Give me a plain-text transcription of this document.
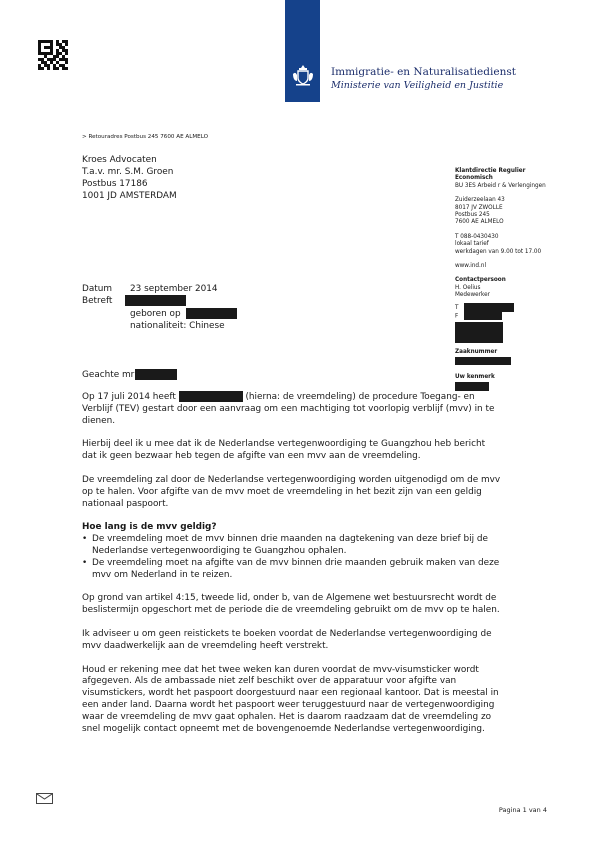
Immigratie- en Naturalisatiedienst
Ministerie van Veiligheid en Justitie
> Retouradres Postbus 245 7600 AE ALMELO
Kroes Advocaten
T.a.v. mr. S.M. Groen
Postbus 17186
1001 JD AMSTERDAM
Klantdirectie Regulier
Economisch
BU 3ES Arbeid r & Verlengingen
Zuiderzeelaan 43
8017 JV ZWOLLE
Postbus 245
7600 AE ALMELO
T 088-0430430
lokaal tarief
werkdagen van 9.00 tot 17.00
www.ind.nl
Contactpersoon
H. Oelius
Medewerker
T
F
Zaaknummer
Uw kenmerk
Datum 23 september 2014
Betreft
geboren op
nationaliteit: Chinese
Geachte mr

Op 17 juli 2014 heeft	(hierna: de vreemdeling) de procedure Toegang- en Verblijf (TEV) gestart door een aanvraag om een machtiging tot voorlopig verblijf (mvv) in te dienen.

Hierbij deel ik u mee dat ik de Nederlandse vertegenwoordiging te Guangzhou heb bericht dat ik geen bezwaar heb tegen de afgifte van een mvv aan de vreemdeling.

De vreemdeling zal door de Nederlandse vertegenwoordiging worden uitgenodigd om de mvv op te halen. Voor afgifte van de mvv moet de vreemdeling in het bezit zijn van een geldig nationaal paspoort.

Hoe lang is de mvv geldig?

• De vreemdeling moet de mvv binnen drie maanden na dagtekening van deze brief bij de Nederlandse vertegenwoordiging te Guangzhou ophalen.
• De vreemdeling moet na afgifte van de mvv binnen drie maanden gebruik maken van deze mvv om Nederland in te reizen.

Op grond van artikel 4:15, tweede lid, onder b, van de Algemene wet bestuursrecht wordt de beslistermijn opgeschort met de periode die de vreemdeling gebruikt om de mvv op te halen.

Ik adviseer u om geen reistickets te boeken voordat de Nederlandse vertegenwoordiging de mvv daadwerkelijk aan de vreemdeling heeft verstrekt.

Houd er rekening mee dat het twee weken kan duren voordat de mvv-visumsticker wordt afgegeven. Als de ambassade niet zelf beschikt over de apparatuur voor afgifte van visumstickers, wordt het paspoort doorgestuurd naar een regionaal kantoor. Dat is meestal in een ander land. Daarna wordt het paspoort weer teruggestuurd naar de vertegenwoordiging waar de vreemdeling de mvv gaat ophalen. Het is daarom raadzaam dat de vreemdeling zo snel mogelijk contact opneemt met de bovengenoemde Nederlandse vertegenwoordiging.

Pagina 1 van 4
